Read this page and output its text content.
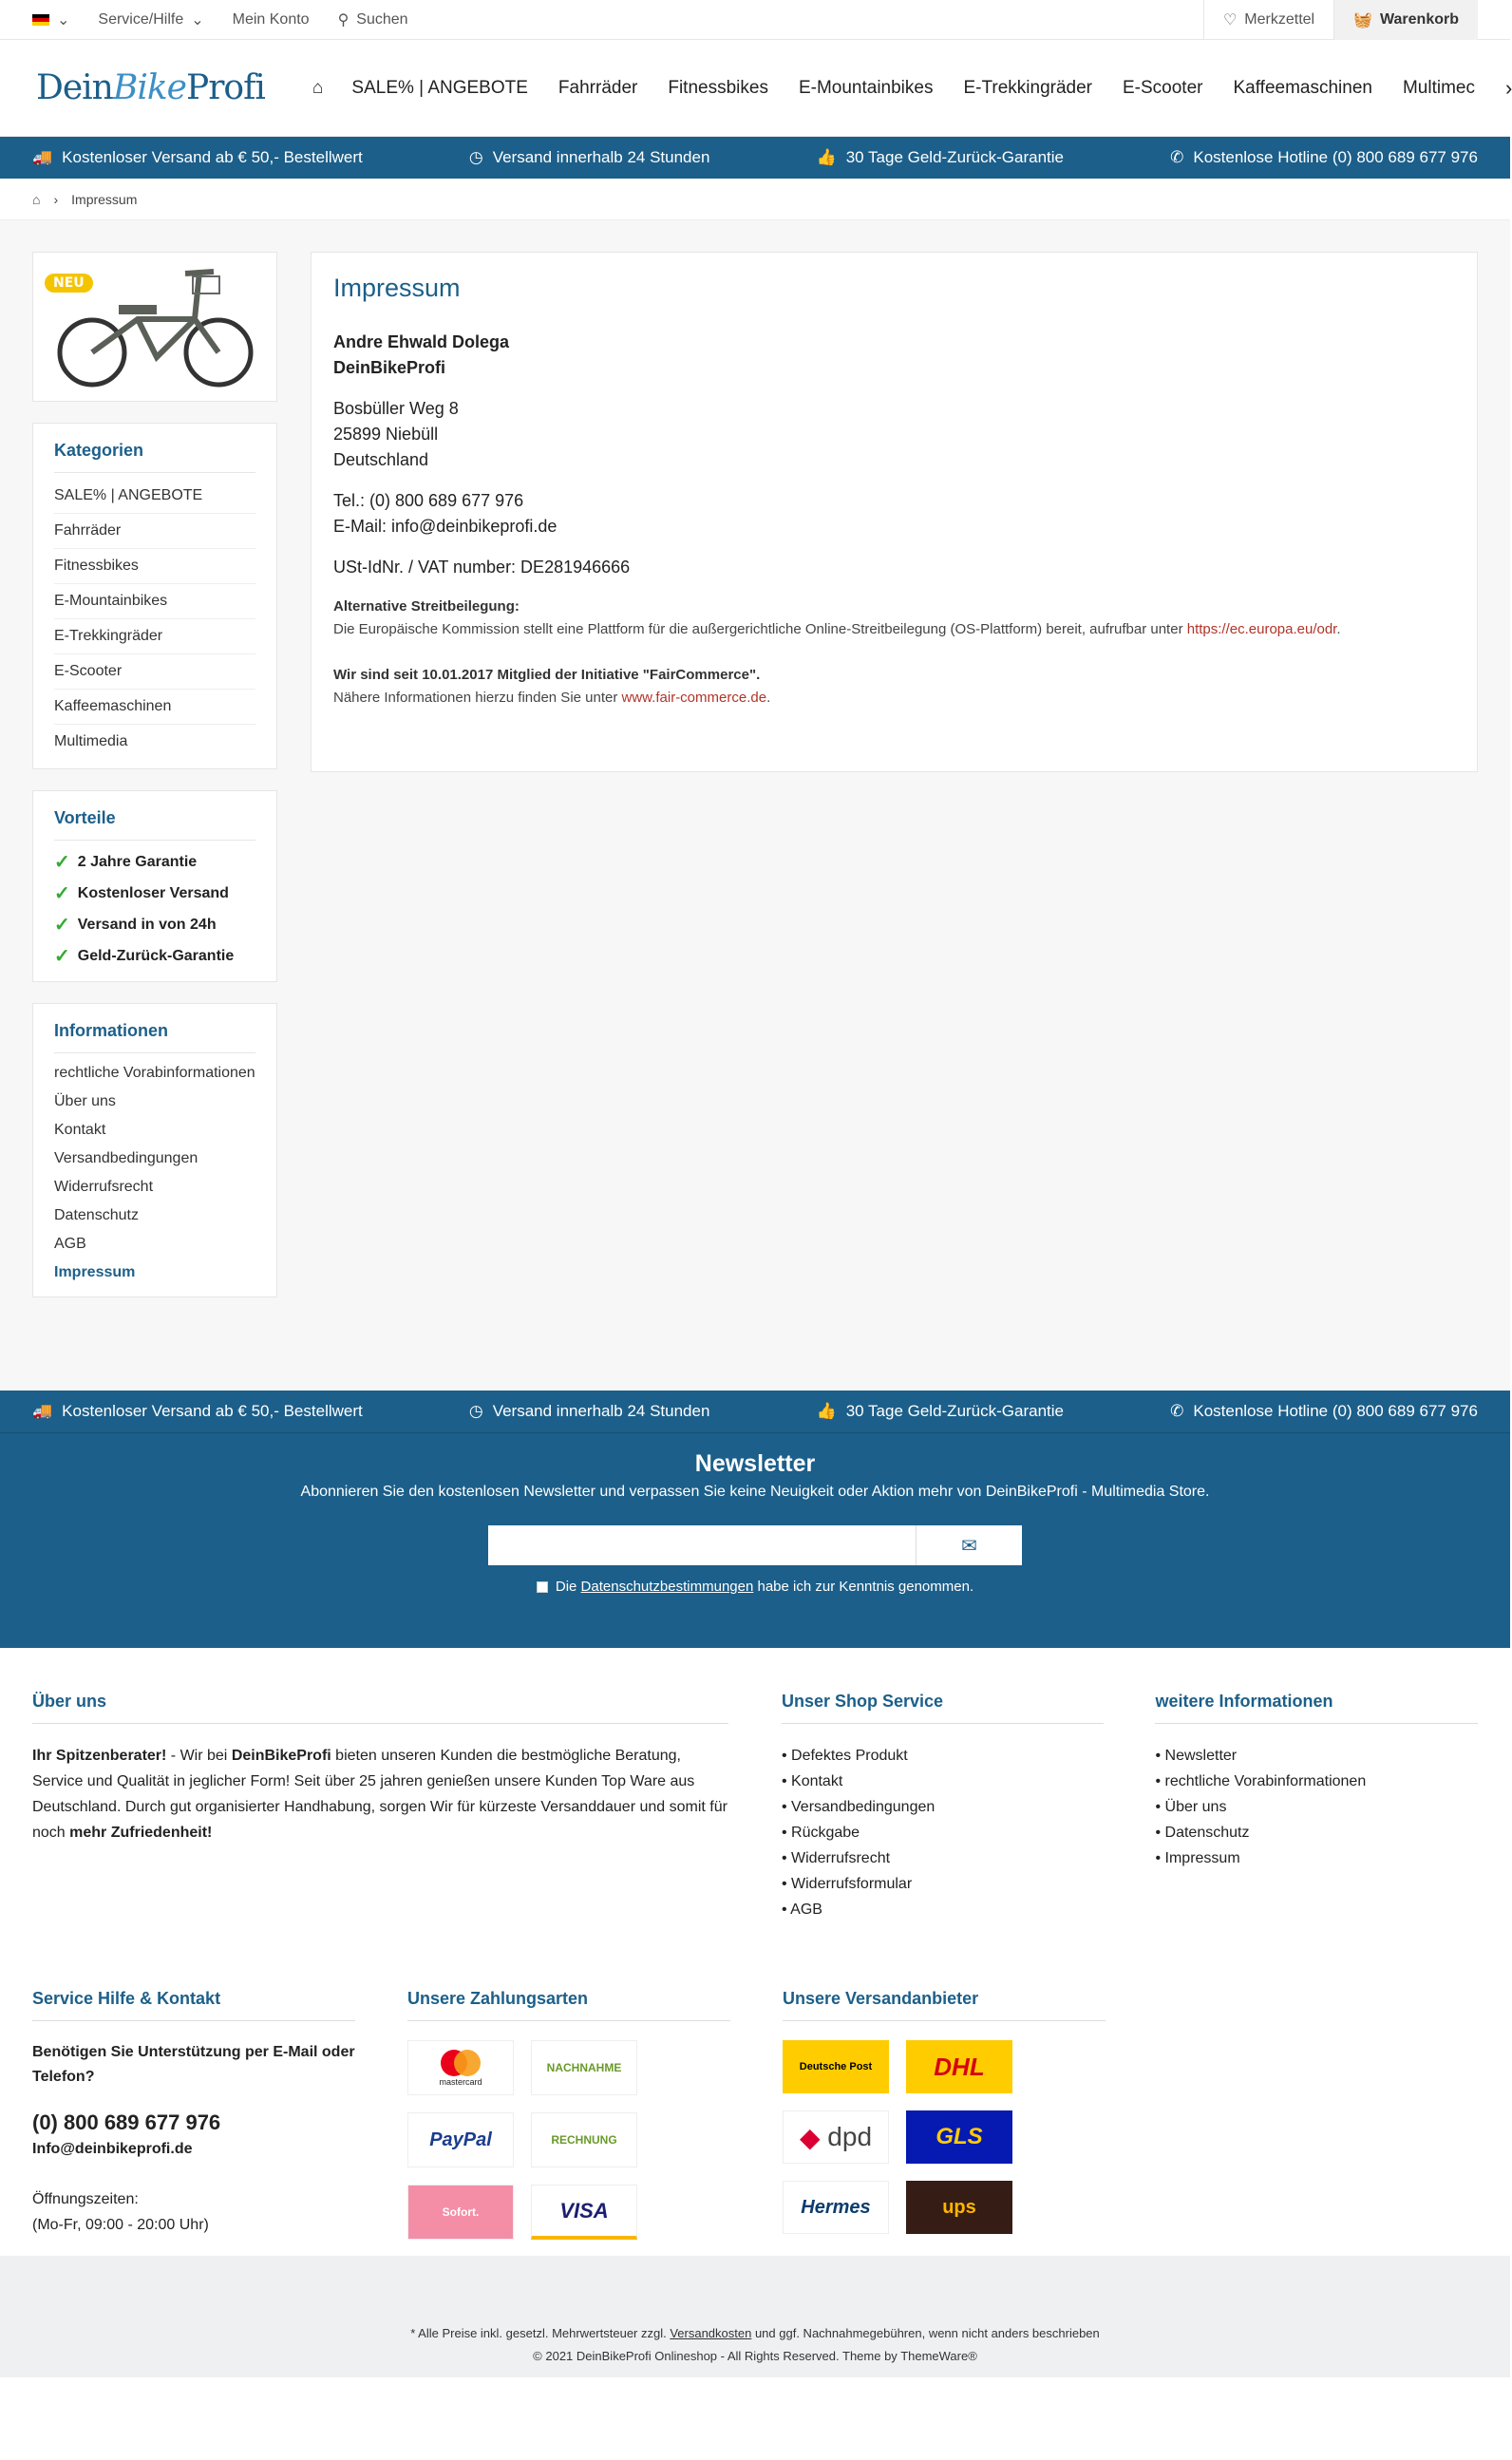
⌄ Service/Hilfe ⌄ Mein Konto ⚲ Suchen	♡ Merkzettel	🧺 Warenkorb
DeinBikeProfi	⌂ SALE% | ANGEBOTE Fahrräder Fitnessbikes E-Mountainbikes E-Trekkingräder E-Scooter Kaffeemaschinen Multimec ›
🚚 Kostenloser Versand ab € 50,- Bestellwert	◷ Versand innerhalb 24 Stunden	👍 30 Tage Geld-Zurück-Garantie	✆ Kostenlose Hotline (0) 800 689 677 976
⌂ › Impressum
NEU
Kategorien
SALE% | ANGEBOTE
Fahrräder
Fitnessbikes
E-Mountainbikes
E-Trekkingräder
E-Scooter
Kaffeemaschinen
Multimedia
Vorteile
✓ 2 Jahre Garantie
✓ Kostenloser Versand
✓ Versand in von 24h
✓ Geld-Zurück-Garantie
Informationen
rechtliche Vorabinformationen
Über uns
Kontakt
Versandbedingungen
Widerrufsrecht
Datenschutz
AGB
Impressum
Impressum
Andre Ehwald Dolega
DeinBikeProfi
Bosbüller Weg 8
25899 Niebüll
Deutschland
Tel.: (0) 800 689 677 976
E-Mail: info@deinbikeprofi.de
USt-IdNr. / VAT number: DE281946666
Alternative Streitbeilegung:
Die Europäische Kommission stellt eine Plattform für die außergerichtliche Online-Streitbeilegung (OS-Plattform) bereit, aufrufbar unter https://ec.europa.eu/odr.
Wir sind seit 10.01.2017 Mitglied der Initiative "FairCommerce".
Nähere Informationen hierzu finden Sie unter www.fair-commerce.de.
🚚 Kostenloser Versand ab € 50,- Bestellwert	◷ Versand innerhalb 24 Stunden	👍 30 Tage Geld-Zurück-Garantie	✆ Kostenlose Hotline (0) 800 689 677 976
Newsletter

Abonnieren Sie den kostenlosen Newsletter und verpassen Sie keine Neuigkeit oder Aktion mehr von DeinBikeProfi - Multimedia Store.

✉
Die Datenschutzbestimmungen habe ich zur Kenntnis genommen.
Über uns

Ihr Spitzenberater! - Wir bei DeinBikeProfi bieten unseren Kunden die bestmögliche Beratung, Service und Qualität in jeglicher Form! Seit über 25 jahren genießen unsere Kunden Top Ware aus Deutschland. Durch gut organisierter Handhabung, sorgen Wir für kürzeste Versanddauer und somit für noch mehr Zufriedenheit!

Unser Shop Service
• Defektes Produkt
• Kontakt
• Versandbedingungen
• Rückgabe
• Widerrufsrecht
• Widerrufsformular
• AGB
weitere Informationen
• Newsletter
• rechtliche Vorabinformationen
• Über uns
• Datenschutz
• Impressum
Service Hilfe & Kontakt
Benötigen Sie Unterstützung per E-Mail oder Telefon?
(0) 800 689 677 976
Info@deinbikeprofi.de
Öffnungszeiten:
(Mo-Fr, 09:00 - 20:00 Uhr)
Unsere Zahlungsarten
mastercard
NACHNAHME
PayPal	RECHNUNG
Sofort.	VISA
Unsere Versandanbieter
Deutsche Post	DHL
◆
dpd	GLS
Hermes	ups
* Alle Preise inkl. gesetzl. Mehrwertsteuer zzgl. Versandkosten und ggf. Nachnahmegebühren, wenn nicht anders beschrieben
© 2021 DeinBikeProfi Onlineshop - All Rights Reserved. Theme by ThemeWare®
